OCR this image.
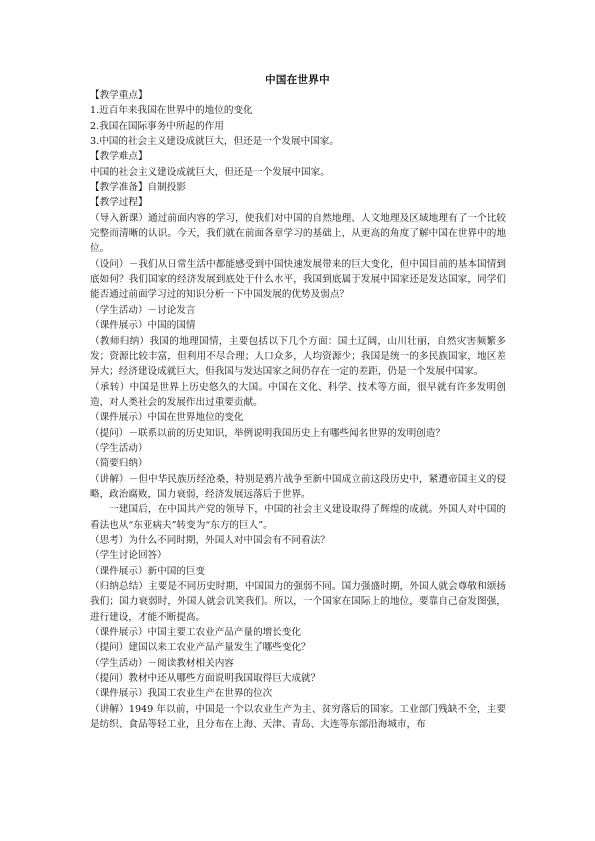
中国在世界中
【教学重点】
1.近百年来我国在世界中的地位的变化
2.我国在国际事务中所起的作用
3.中国的社会主义建设成就巨大，但还是一个发展中国家。
【教学难点】
中国的社会主义建设成就巨大，但还是一个发展中国家。
【教学准备】自制投影
【教学过程】
（导入新课）通过前面内容的学习，使我们对中国的自然地理、人文地理及区域地理有了一个比较完整而清晰的认识。今天，我们就在前面各章学习的基础上，从更高的角度了解中国在世界中的地位。
（设问）－我们从日常生活中都能感受到中国快速发展带来的巨大变化，但中国目前的基本国情到底如何？我们国家的经济发展到底处于什么水平，我国到底属于发展中国家还是发达国家，同学们能否通过前面学习过的知识分析一下中国发展的优势及弱点？
（学生活动）－讨论发言
（课件展示）中国的国情
（教师归纳）我国的地理国情，主要包括以下几个方面：国土辽阔，山川壮丽，自然灾害频繁多发；资源比较丰富，但利用不尽合理；人口众多，人均资源少；我国是统一的多民族国家，地区差异大；经济建设成就巨大，但我国与发达国家之间仍存在一定的差距，仍是一个发展中国家。
（承转）中国是世界上历史悠久的大国。中国在文化、科学、技术等方面，很早就有许多发明创造，对人类社会的发展作出过重要贡献。
（课件展示）中国在世界地位的变化
（提问）－联系以前的历史知识，举例说明我国历史上有哪些闻名世界的发明创造？
（学生活动）
（简要归纳）
（讲解）－但中华民族历经沧桑，特别是鸦片战争至新中国成立前这段历史中，紧遭帝国主义的侵略，政治腐败，国力衰弱，经济发展远落后于世界。
一建国后，在中国共产党的领导下，中国的社会主义建设取得了辉煌的成就。外国人对中国的看法也从“东亚病夫”转变为“东方的巨人”。
（思考）为什么不同时期，外国人对中国会有不同看法？
（学生讨论回答）
（课件展示）新中国的巨变
（归纳总结）主要是不同历史时期，中国国力的强弱不同。国力强盛时期，外国人就会尊敬和颂扬我们；国力衰弱时，外国人就会讥笑我们。所以，一个国家在国际上的地位，要靠自己奋发图强，进行建设，才能不断提高。
（课件展示）中国主要工农业产品产量的增长变化
（提问）建国以来工农业产品产量发生了哪些变化？
（学生活动）－阅读教材相关内容
（提问）教材中还从哪些方面说明我国取得巨大成就？
（课件展示）我国工农业生产在世界的位次
（讲解）1949 年以前，中国是一个以农业生产为主、贫穷落后的国家。工业部门残缺不全，主要是纺织、食品等轻工业，且分布在上海、天津、青岛、大连等东部沿海城市，布
